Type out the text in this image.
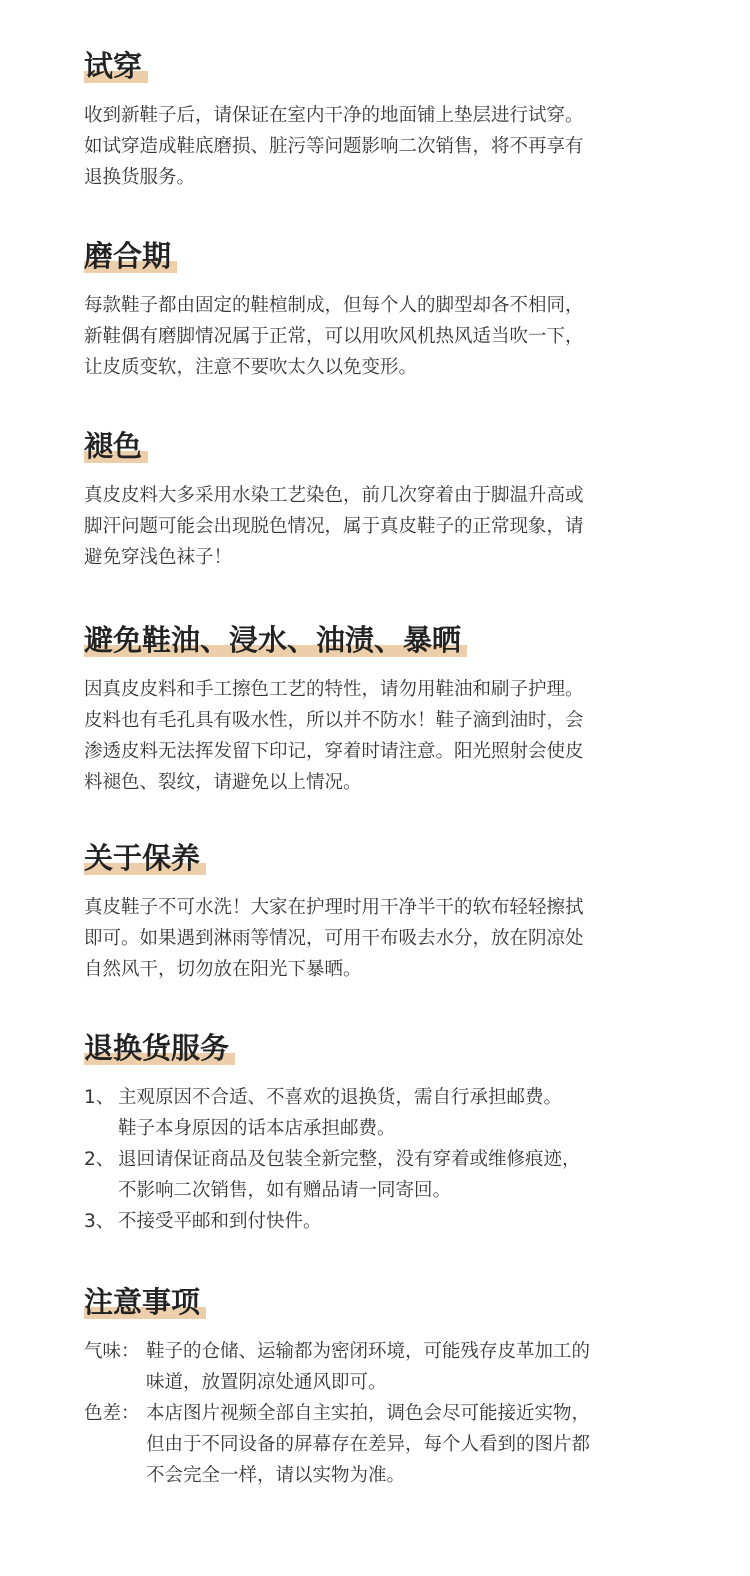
试穿
收到新鞋子后，请保证在室内干净的地面铺上垫层进行试穿。
如试穿造成鞋底磨损、脏污等问题影响二次销售，将不再享有
退换货服务。
磨合期
每款鞋子都由固定的鞋楦制成，但每个人的脚型却各不相同，
新鞋偶有磨脚情况属于正常，可以用吹风机热风适当吹一下，
让皮质变软，注意不要吹太久以免变形。
褪色
真皮皮料大多采用水染工艺染色，前几次穿着由于脚温升高或
脚汗问题可能会出现脱色情况，属于真皮鞋子的正常现象，请
避免穿浅色袜子！
避免鞋油、浸水、油渍、暴晒
因真皮皮料和手工擦色工艺的特性，请勿用鞋油和刷子护理。
皮料也有毛孔具有吸水性，所以并不防水！鞋子滴到油时，会
渗透皮料无法挥发留下印记，穿着时请注意。阳光照射会使皮
料褪色、裂纹，请避免以上情况。
关于保养
真皮鞋子不可水洗！大家在护理时用干净半干的软布轻轻擦拭
即可。如果遇到淋雨等情况，可用干布吸去水分，放在阴凉处
自然风干，切勿放在阳光下暴晒。
退换货服务
1、 主观原因不合适、不喜欢的退换货，需自行承担邮费。
鞋子本身原因的话本店承担邮费。
2、 退回请保证商品及包装全新完整，没有穿着或维修痕迹，
不影响二次销售，如有赠品请一同寄回。
3、 不接受平邮和到付快件。
注意事项
气味： 鞋子的仓储、运输都为密闭环境，可能残存皮革加工的
味道，放置阴凉处通风即可。
色差： 本店图片视频全部自主实拍，调色会尽可能接近实物，
但由于不同设备的屏幕存在差异，每个人看到的图片都
不会完全一样，请以实物为准。
